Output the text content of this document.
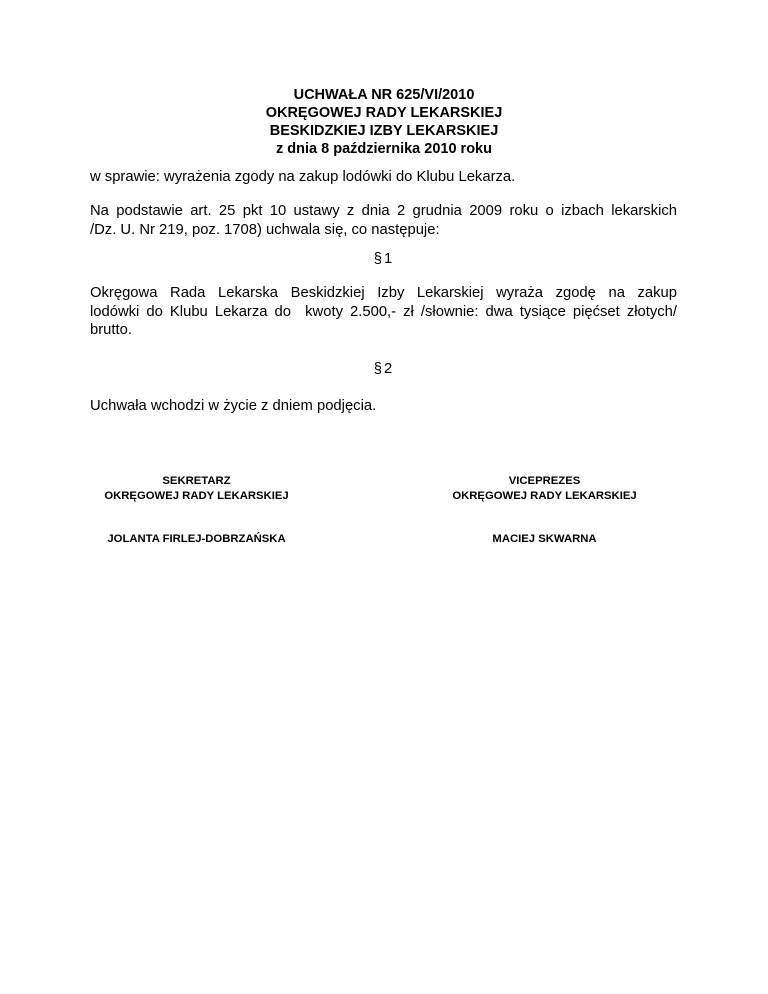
UCHWAŁA NR 625/VI/2010
OKRĘGOWEJ RADY LEKARSKIEJ
BESKIDZKIEJ IZBY LEKARSKIEJ
z dnia 8 października 2010 roku
w sprawie: wyrażenia zgody na zakup lodówki do Klubu Lekarza.
Na podstawie art. 25 pkt 10 ustawy z dnia 2 grudnia 2009 roku o izbach lekarskich
/Dz. U. Nr 219, poz. 1708) uchwala się, co następuje:
§1
Okręgowa Rada Lekarska Beskidzkiej Izby Lekarskiej wyraża zgodę na zakup
lodówki do Klubu Lekarza do  kwoty 2.500,- zł /słownie: dwa tysiące pięćset złotych/
brutto.
§2
Uchwała wchodzi w życie z dniem podjęcia.
SEKRETARZ
OKRĘGOWEJ RADY LEKARSKIEJ
JOLANTA FIRLEJ-DOBRZAŃSKA
VICEPREZES
OKRĘGOWEJ RADY LEKARSKIEJ
MACIEJ SKWARNA
